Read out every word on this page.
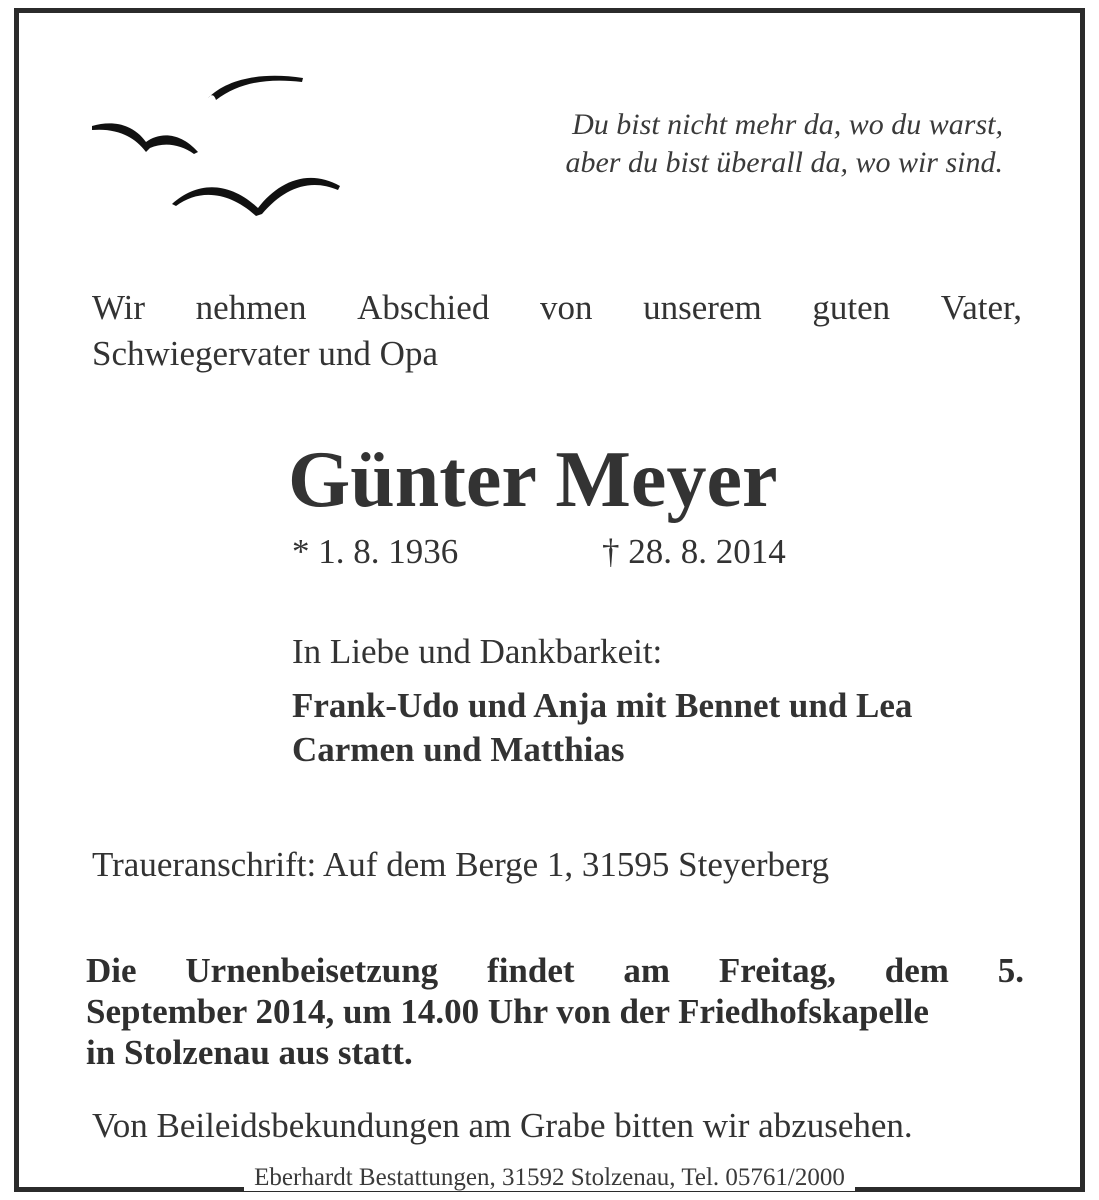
Du bist nicht mehr da, wo du warst,
aber du bist überall da, wo wir sind.
Wir nehmen Abschied von unserem guten Vater,
Schwiegervater und Opa
Günter Meyer
* 1. 8. 1936	† 28. 8. 2014
In Liebe und Dankbarkeit:
Frank-Udo und Anja mit Bennet und Lea
Carmen und Matthias
Traueranschrift: Auf dem Berge 1, 31595 Steyerberg
Die Urnenbeisetzung findet am Freitag, dem 5.
September 2014, um 14.00 Uhr von der Friedhofskapelle
in Stolzenau aus statt.
Von Beileidsbekundungen am Grabe bitten wir abzusehen.
Eberhardt Bestattungen, 31592 Stolzenau, Tel. 05761/2000
